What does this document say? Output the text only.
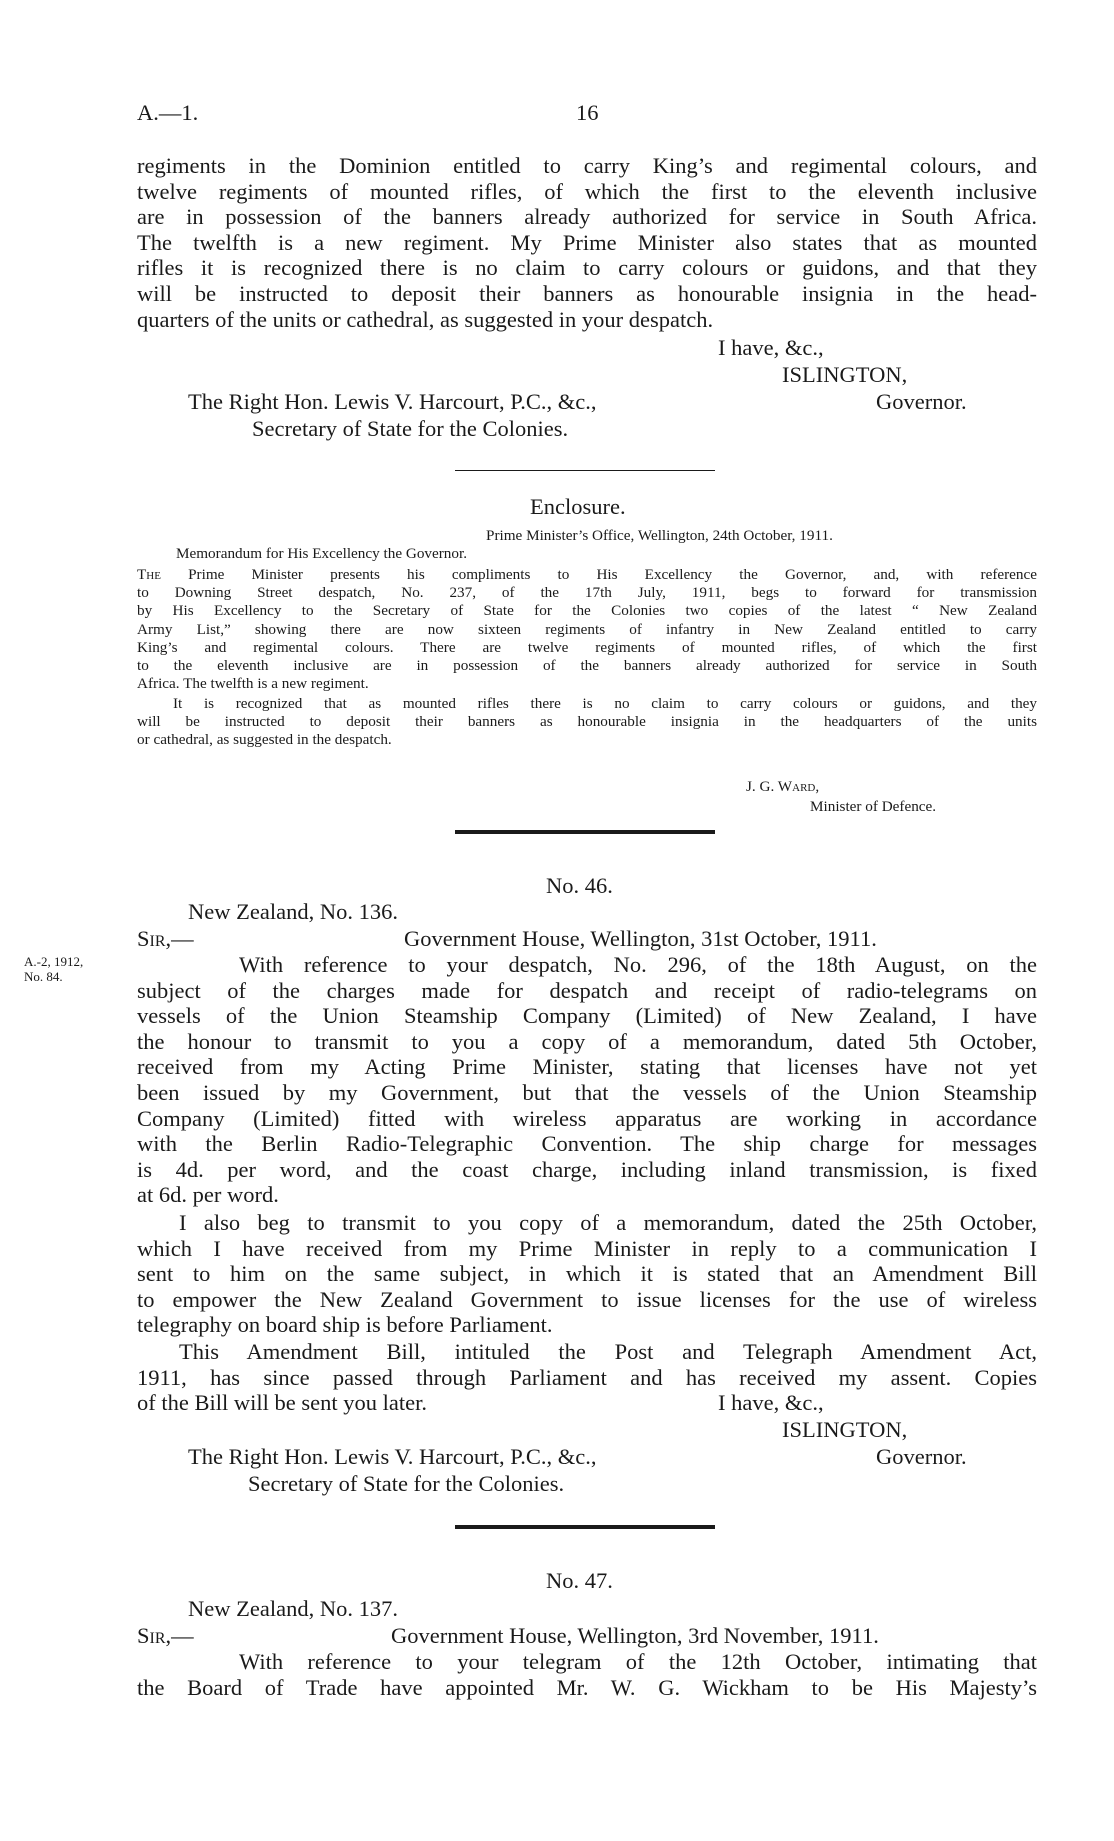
A.—1.	16
regiments in the Dominion entitled to carry King’s and regimental colours, and
twelve regiments of mounted rifles, of which the first to the eleventh inclusive
are in possession of the banners already authorized for service in South Africa.
The twelfth is a new regiment. My Prime Minister also states that as mounted
rifles it is recognized there is no claim to carry colours or guidons, and that they
will be instructed to deposit their banners as honourable insignia in the head-
quarters of the units or cathedral, as suggested in your despatch.
I have, &c.,
ISLINGTON,
The Right Hon. Lewis V. Harcourt, P.C., &c.,	Governor.
Secretary of State for the Colonies.
Enclosure.
Prime Minister’s Office, Wellington, 24th October, 1911.
Memorandum for His Excellency the Governor.
The Prime Minister presents his compliments to His Excellency the Governor, and, with reference
to Downing Street despatch, No. 237, of the 17th July, 1911, begs to forward for transmission
by His Excellency to the Secretary of State for the Colonies two copies of the latest “ New Zealand
Army List,” showing there are now sixteen regiments of infantry in New Zealand entitled to carry
King’s and regimental colours. There are twelve regiments of mounted rifles, of which the first
to the eleventh inclusive are in possession of the banners already authorized for service in South
Africa. The twelfth is a new regiment.
It is recognized that as mounted rifles there is no claim to carry colours or guidons, and they
will be instructed to deposit their banners as honourable insignia in the headquarters of the units
or cathedral, as suggested in the despatch.
J. G. Ward,
Minister of Defence.
No. 46.
New Zealand, No. 136.
Sir,—	Government House, Wellington, 31st October, 1911.
A.-2, 1912,
No. 84.	With reference to your despatch, No. 296, of the 18th August, on the
subject of the charges made for despatch and receipt of radio-telegrams on
vessels of the Union Steamship Company (Limited) of New Zealand, I have
the honour to transmit to you a copy of a memorandum, dated 5th October,
received from my Acting Prime Minister, stating that licenses have not yet
been issued by my Government, but that the vessels of the Union Steamship
Company (Limited) fitted with wireless apparatus are working in accordance
with the Berlin Radio-Telegraphic Convention. The ship charge for messages
is 4d. per word, and the coast charge, including inland transmission, is fixed
at 6d. per word.
I also beg to transmit to you copy of a memorandum, dated the 25th October,
which I have received from my Prime Minister in reply to a communication I
sent to him on the same subject, in which it is stated that an Amendment Bill
to empower the New Zealand Government to issue licenses for the use of wireless
telegraphy on board ship is before Parliament.
This Amendment Bill, intituled the Post and Telegraph Amendment Act,
1911, has since passed through Parliament and has received my assent. Copies
of the Bill will be sent you later.	I have, &c.,
ISLINGTON,
The Right Hon. Lewis V. Harcourt, P.C., &c.,	Governor.
Secretary of State for the Colonies.
No. 47.
New Zealand, No. 137.
Sir,—	Government House, Wellington, 3rd November, 1911.
With reference to your telegram of the 12th October, intimating that
the Board of Trade have appointed Mr. W. G. Wickham to be His Majesty’s
